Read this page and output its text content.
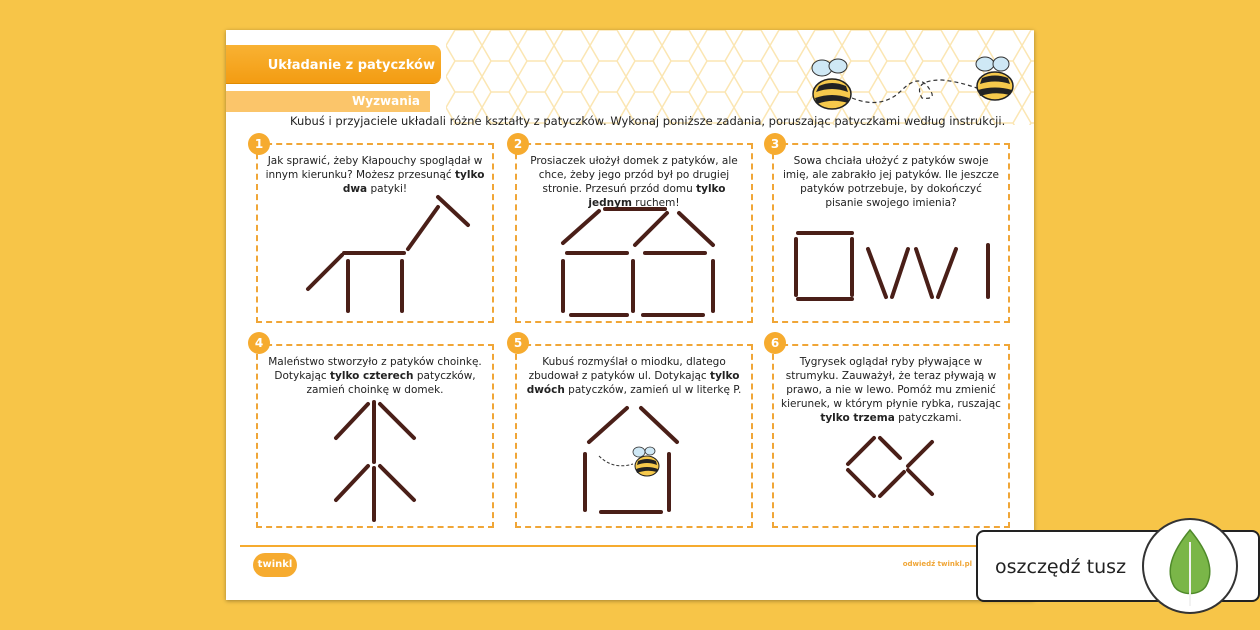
Układanie z patyczków
Wyzwania
Kubuś i przyjaciele układali różne kształty z patyczków. Wykonaj poniższe zadania, poruszając patyczkami według instrukcji.
Jak sprawić, żeby Kłapouchy spoglądał w innym kierunku? Możesz przesunąć tylko dwa patyki!
1
Prosiaczek ułożył domek z patyków, ale chce, żeby jego przód był po drugiej stronie. Przesuń przód domu tylko jednym ruchem!
2
Sowa chciała ułożyć z patyków swoje imię, ale zabrakło jej patyków. Ile jeszcze patyków potrzebuje, by dokończyć pisanie swojego imienia?
3
Maleństwo stworzyło z patyków choinkę. Dotykając tylko czterech patyczków, zamień choinkę w domek.
4
Kubuś rozmyślał o miodku, dlatego zbudował z patyków ul. Dotykając tylko dwóch patyczków, zamień ul w literkę P.
5
Tygrysek oglądał ryby pływające w strumyku. Zauważył, że teraz pływają w prawo, a nie w lewo. Pomóż mu zmienić kierunek, w którym płynie rybka, ruszając tylko trzema patyczkami.
6
twinkl	odwiedź twinkl.pl oszczędź tusz
